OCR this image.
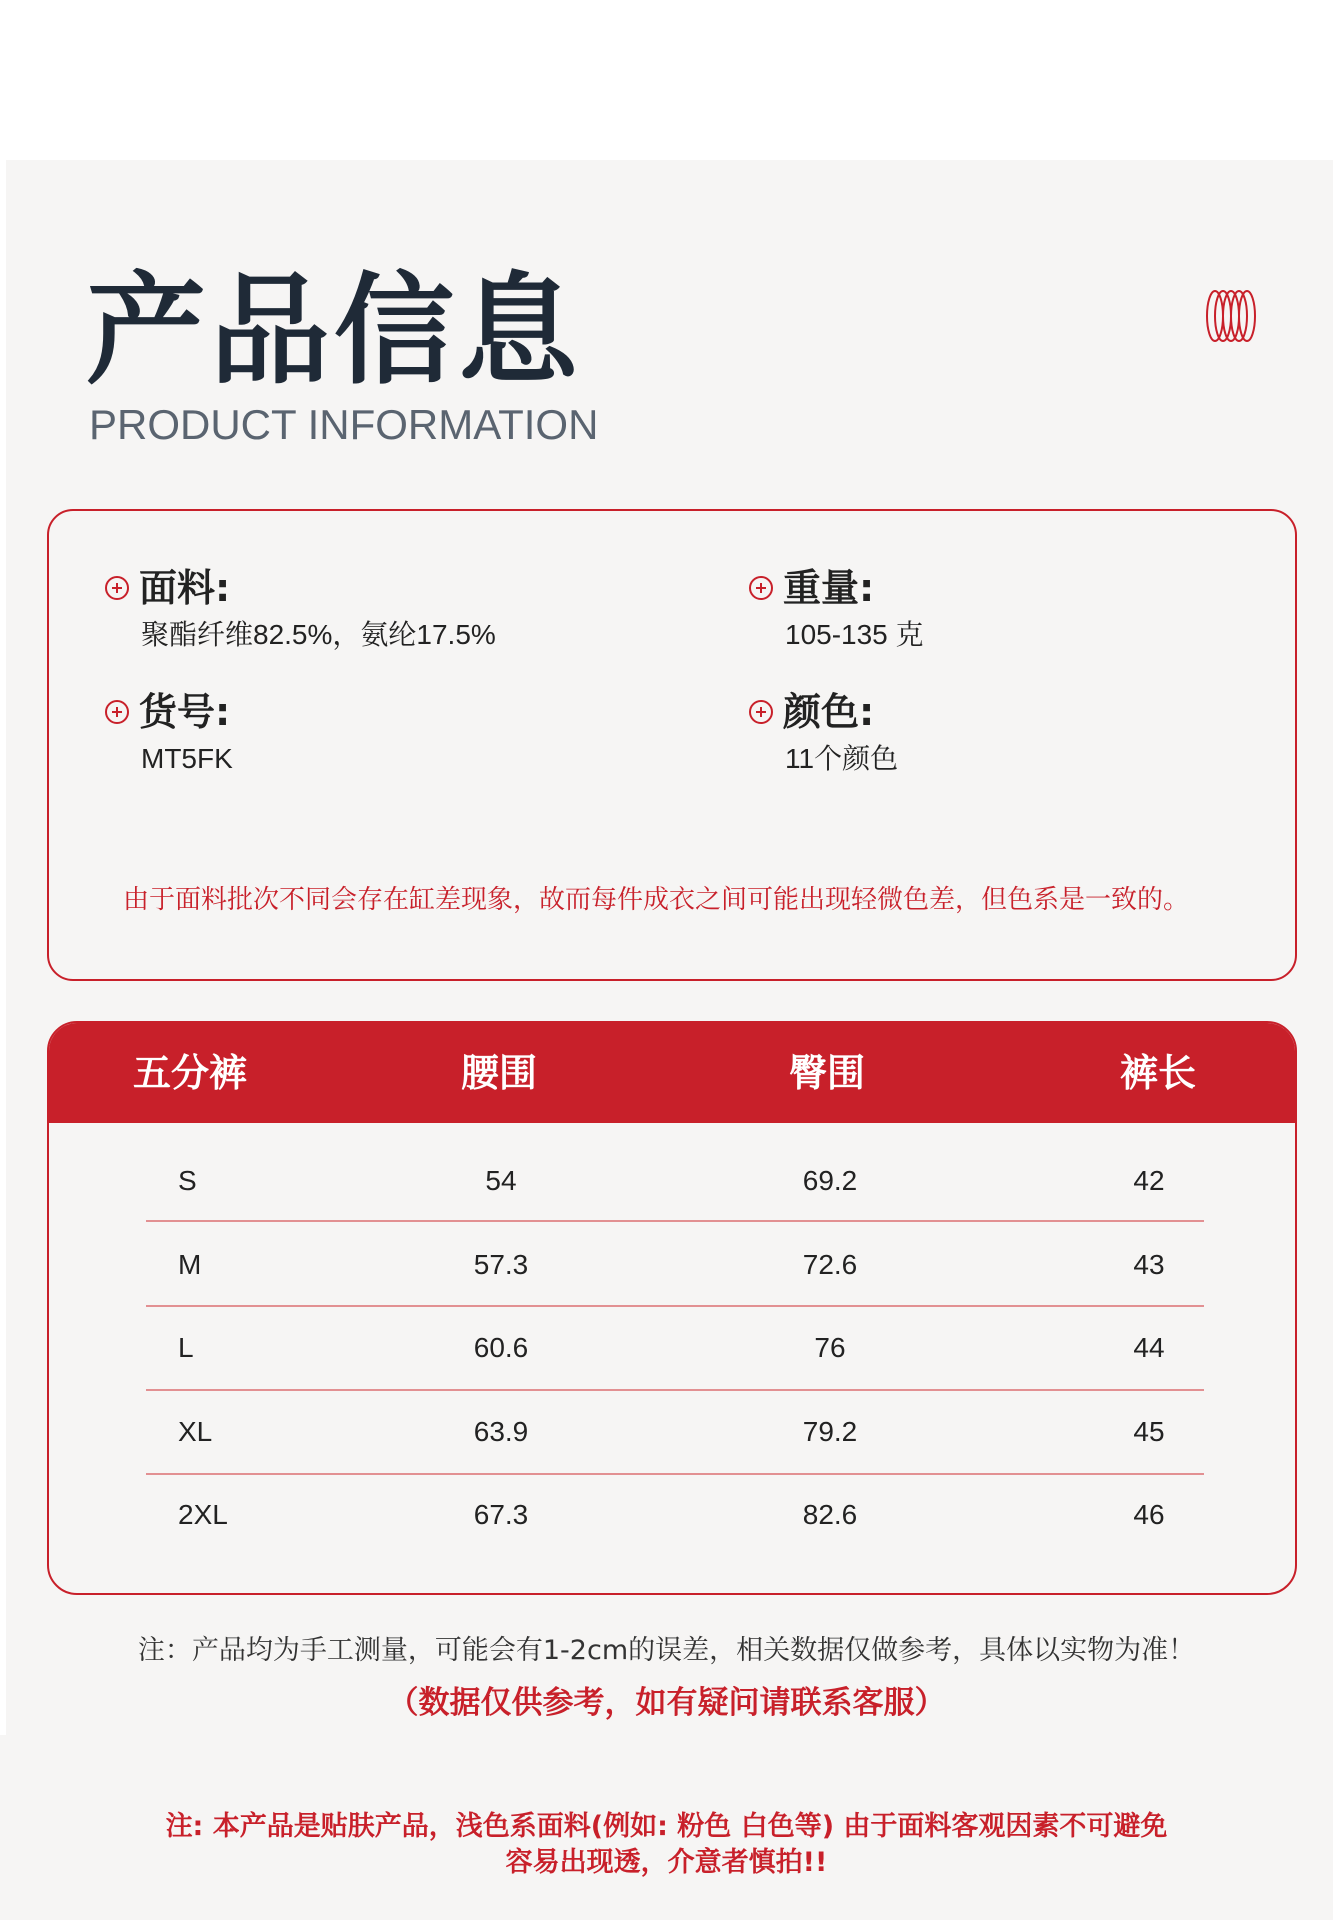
产品信息
PRODUCT INFORMATION
面料:
聚酯纤维82.5%，氨纶17.5%
重量:
105-135 克
货号:
MT5FK
颜色:
11个颜色
由于面料批次不同会存在缸差现象，故而每件成衣之间可能出现轻微色差，但色系是一致的。
五分裤	腰围	臀围	裤长
S	54	69.2	42
M	57.3	72.6	43
L	60.6	76	44
XL	63.9	79.2	45
2XL	67.3	82.6	46
注：产品均为手工测量，可能会有1-2cm的误差，相关数据仅做参考，具体以实物为准！
（数据仅供参考，如有疑问请联系客服）
注: 本产品是贴肤产品，浅色系面料(例如: 粉色 白色等) 由于面料客观因素不可避免
容易出现透，介意者慎拍!!
